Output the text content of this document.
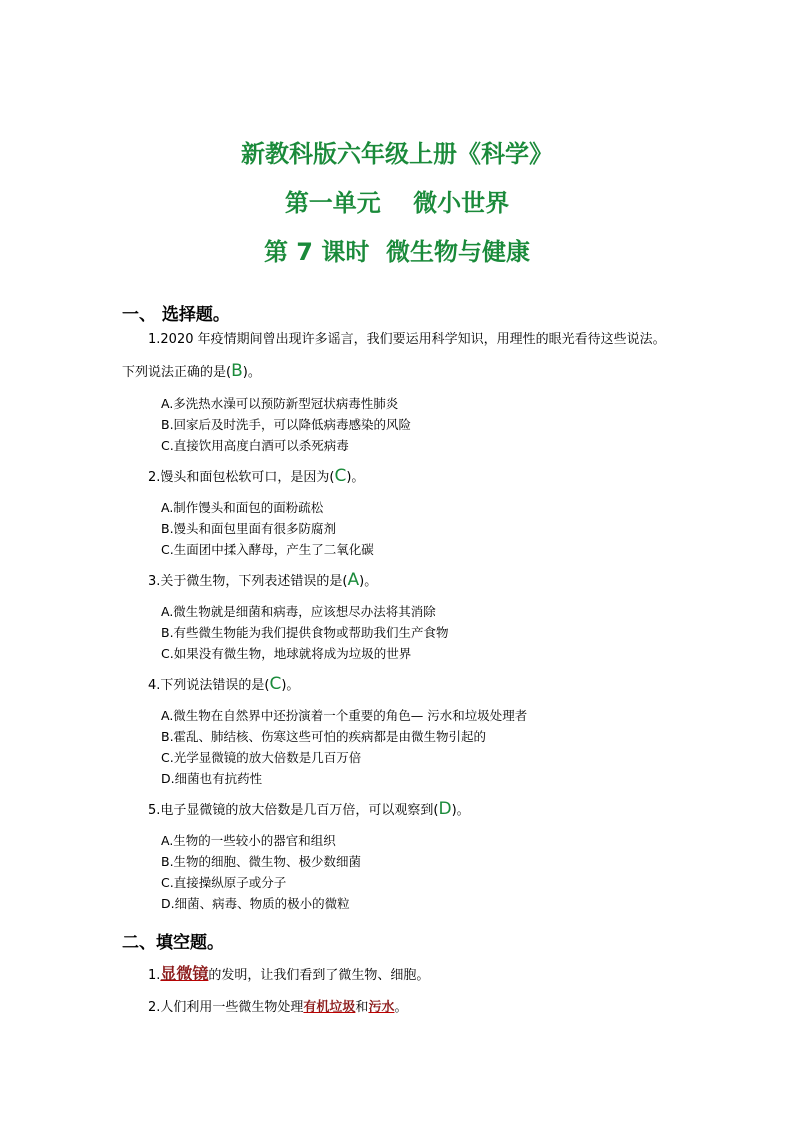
新教科版六年级上册《科学》
第一单元　 微小世界
第 7 课时  微生物与健康
一、 选择题。
1.2020 年疫情期间曾出现许多谣言，我们要运用科学知识，用理性的眼光看待这些说法。
下列说法正确的是(B)。
A.多洗热水澡可以预防新型冠状病毒性肺炎
B.回家后及时洗手，可以降低病毒感染的风险
C.直接饮用高度白酒可以杀死病毒
2.馒头和面包松软可口，是因为(C)。
A.制作馒头和面包的面粉疏松
B.馒头和面包里面有很多防腐剂
C.生面团中揉入酵母，产生了二氧化碳
3.关于微生物，下列表述错误的是(A)。
A.微生物就是细菌和病毒，应该想尽办法将其消除
B.有些微生物能为我们提供食物或帮助我们生产食物
C.如果没有微生物，地球就将成为垃圾的世界
4.下列说法错误的是(C)。
A.微生物在自然界中还扮演着一个重要的角色— 污水和垃圾处理者
B.霍乱、肺结核、伤寒这些可怕的疾病都是由微生物引起的
C.光学显微镜的放大倍数是几百万倍
D.细菌也有抗药性
5.电子显微镜的放大倍数是几百万倍，可以观察到(D)。
A.生物的一些较小的器官和组织
B.生物的细胞、微生物、极少数细菌
C.直接操纵原子或分子
D.细菌、病毒、物质的极小的微粒
二、填空题。
1.显微镜的发明，让我们看到了微生物、细胞。
2.人们利用一些微生物处理有机垃圾和污水。
